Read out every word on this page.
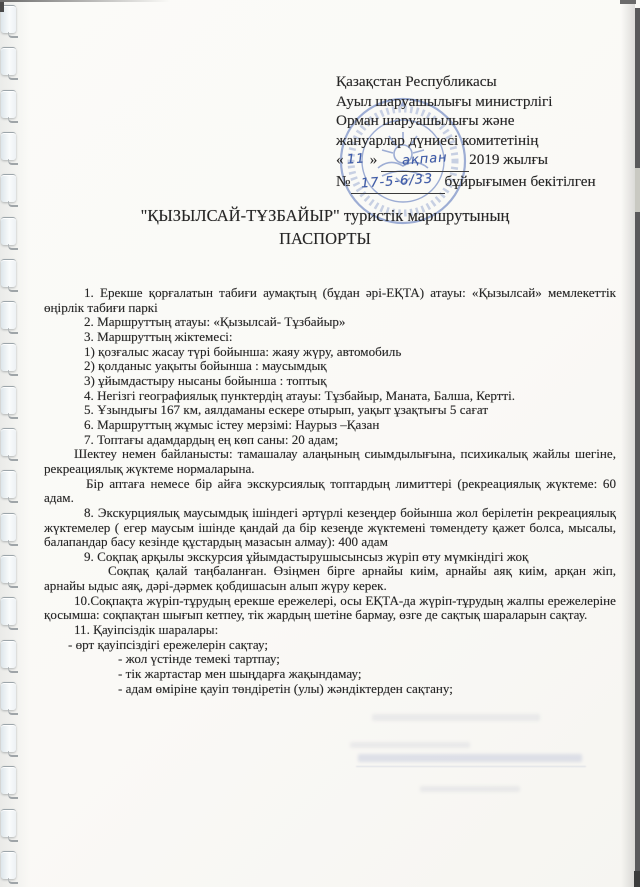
Қазақстан Республикасы
Ауыл шаруашылығы министрлігі
Орман шаруашылығы және
жануарлар дүниесі комитетінің
« 11 » ақпан 2019 жылғы
№ 17-5-6/33 бұйрығымен бекітілген
"ҚЫЗЫЛСАЙ-ТҰЗБАЙЫР" туристік маршрутының
ПАСПОРТЫ

1. Ерекше қорғалатын табиғи аумақтың (бұдан әрі-ЕҚТА) атауы: «Қызылсай» мемлекеттік өңірлік табиғи паркі

2. Маршруттың атауы: «Қызылсай- Тұзбайыр»

3. Маршруттың жіктемесі:

1) қозғалыс жасау түрі бойынша: жаяу жүру, автомобиль

2) қолданыс уақыты бойынша : маусымдық

3) ұйымдастыру нысаны бойынша : топтық

4. Негізгі географиялық пунктердің атауы: Тұзбайыр, Маната, Балша, Кертті.

5. Ұзындығы 167 км, аялдаманы ескере отырып, уақыт ұзақтығы 5 сағат

6. Маршруттың жұмыс істеу мерзімі: Наурыз –Қазан

7. Топтағы адамдардың ең көп саны: 20 адам;

Шектеу немен байланысты: тамашалау алаңының сиымдылығына, психикалық жайлы шегіне, рекреациялық жүктеме нормаларына.

Бір аптаға немесе бір айға экскурсиялық топтардың лимиттері (рекреациялық жүктеме: 60 адам.

8. Экскурциялық маусымдық ішіндегі әртүрлі кезеңдер бойынша жол берілетін рекреациялық жүктемелер ( егер маусым ішінде қандай да бір кезеңде жүктемені төмендету қажет болса, мысалы, балапандар басу кезінде құстардың мазасын алмау): 400 адам

9. Соқпақ арқылы экскурсия ұйымдастырушысынсыз жүріп өту мүмкіндігі жоқ

Соқпақ қалай таңбаланған. Өзіңмен бірге арнайы киім, арнайы аяқ киім, арқан жіп, арнайы ыдыс аяқ, дәрі-дәрмек қобдишасын алып жүру керек.

10.Соқпақта жүріп-тұрудың ерекше ережелері, осы ЕҚТА-да жүріп-тұрудың жалпы ережелеріне қосымша: соқпақтан шығып кетпеу, тік жардың шетіне бармау, өзге де сақтық шараларын сақтау.

11. Қауіпсіздік шаралары:

- өрт қауіпсіздігі ережелерін сақтау;

- жол үстінде темекі тартпау;

- тік жартастар мен шыңдарға жақындамау;

- адам өміріне қауіп төндіретін (улы) жәндіктерден сақтану;
